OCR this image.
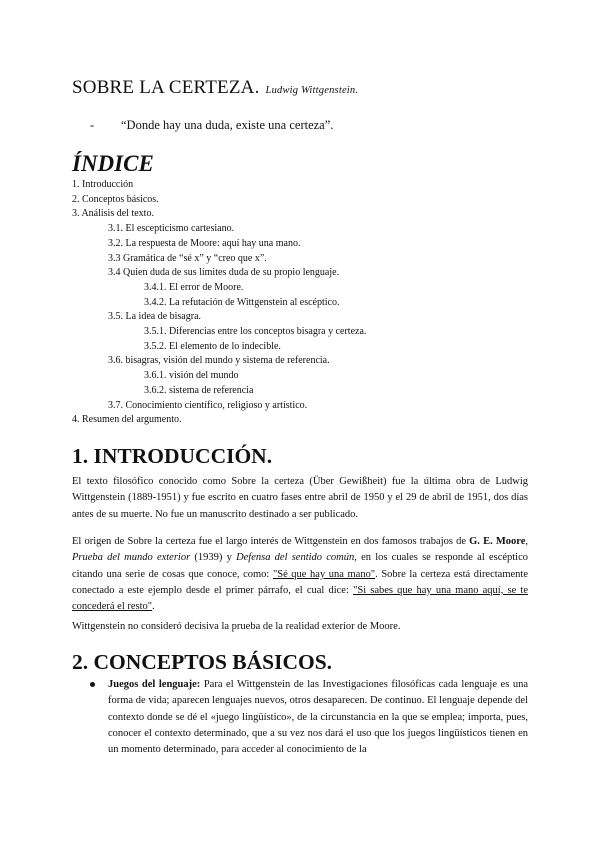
SOBRE LA CERTEZA. Ludwig Wittgenstein.
- “Donde hay una duda, existe una certeza”.
ÍNDICE
1. Introducción
2. Conceptos básicos.
3. Análisis del texto.
3.1. El escepticismo cartesiano.
3.2. La respuesta de Moore: aquí hay una mano.
3.3 Gramática de “sé x” y “creo que x”.
3.4 Quien duda de sus límites duda de su propio lenguaje.
3.4.1. El error de Moore.
3.4.2. La refutación de Wittgenstein al escéptico.
3.5. La idea de bisagra.
3.5.1. Diferencias entre los conceptos bisagra y certeza.
3.5.2. El elemento de lo indecible.
3.6. bisagras, visión del mundo y sistema de referencia.
3.6.1. visión del mundo
3.6.2. sistema de referencia
3.7. Conocimiento científico, religioso y artístico.
4. Resumen del argumento.
1. INTRODUCCIÓN.
El texto filosófico conocido como Sobre la certeza (Über Gewißheit) fue la última obra de Ludwig Wittgenstein (1889-1951) y fue escrito en cuatro fases entre abril de 1950 y el 29 de abril de 1951, dos días antes de su muerte. No fue un manuscrito destinado a ser publicado.
El origen de Sobre la certeza fue el largo interés de Wittgenstein en dos famosos trabajos de G. E. Moore, Prueba del mundo exterior (1939) y Defensa del sentido común, en los cuales se responde al escéptico citando una serie de cosas que conoce, como: "Sé que hay una mano". Sobre la certeza está directamente conectado a este ejemplo desde el primer párrafo, el cual dice: "Si sabes que hay una mano aquí, se te concederá el resto".
Wittgenstein no consideró decisiva la prueba de la realidad exterior de Moore.
2. CONCEPTOS BÁSICOS.
Juegos del lenguaje: Para el Wittgenstein de las Investigaciones filosóficas cada lenguaje es una forma de vida; aparecen lenguajes nuevos, otros desaparecen. De continuo. El lenguaje depende del contexto donde se dé el «juego lingüístico», de la circunstancia en la que se emplea; importa, pues, conocer el contexto determinado, que a su vez nos dará el uso que los juegos lingüísticos tienen en un momento determinado, para acceder al conocimiento de la
